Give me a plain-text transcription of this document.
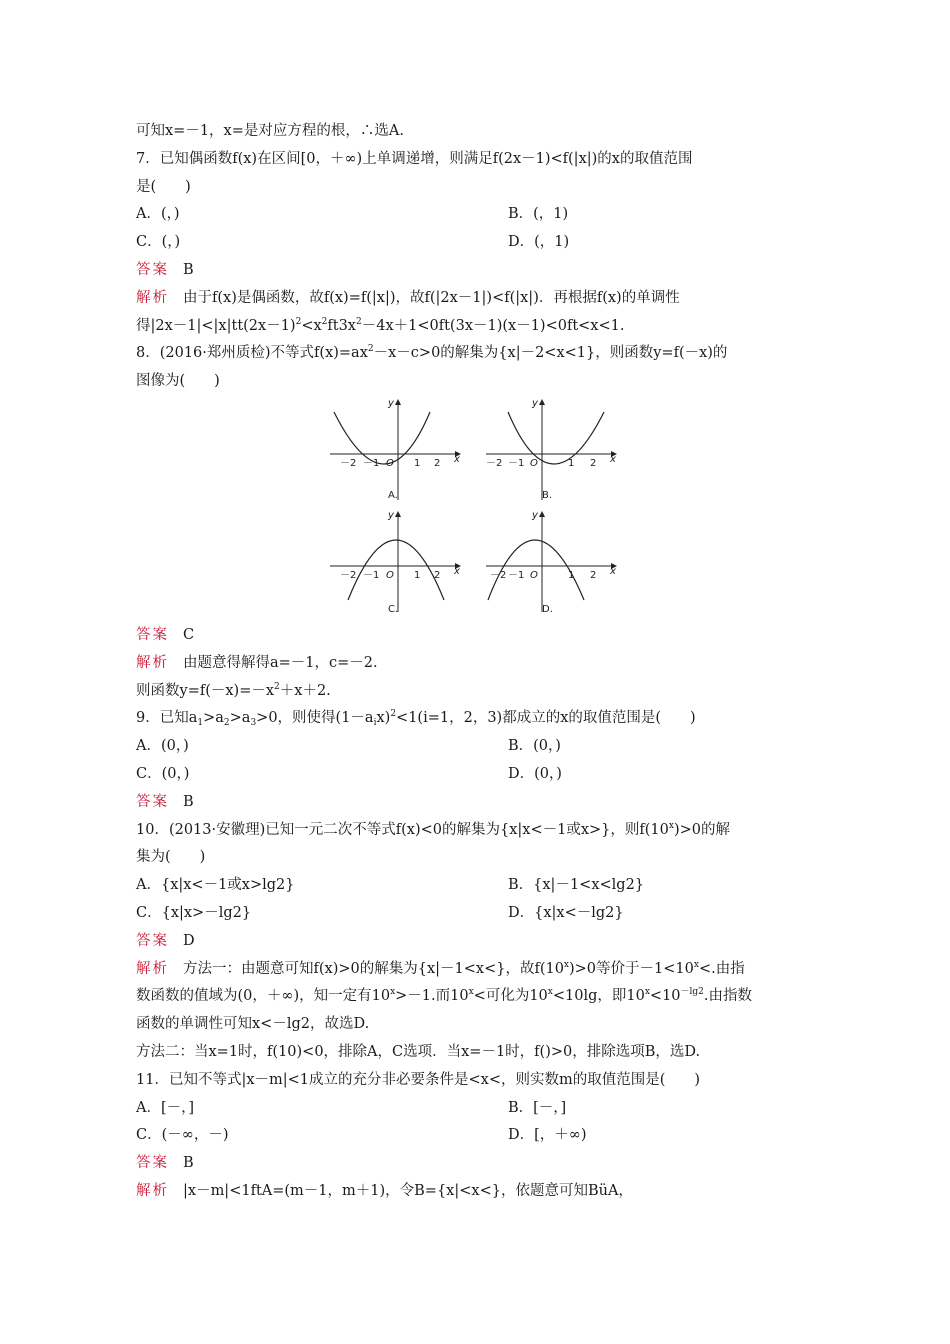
可知x=－1，x=是对应方程的根，∴选A.
7．已知偶函数f(x)在区间[0，＋∞)上单调递增，则满足f(2x－1)<f(|x|)的x的取值范围
是(　　)
A．(，)	B．(，1)
C．(，)	D．(，1)
答案 B
解析 由于f(x)是偶函数，故f(x)=f(|x|)，故f(|2x－1|)<f(|x|)．再根据f(x)的单调性
得$|2x-1|<|x|tt(2x-1)^2<x^2ft3x^2-4x+1<0ft(3x-1)(x-1)<0ft<x<1$.
8．(2016·郑州质检)不等式$f(x)=ax^2-x-c>0$的解集为{x|－2<x<1}，则函数y=f(－x)的
图像为(　　)
y
x
O
－2 －1	1 2
A.
y
x
O
－2 －1	1 2
B.
y
x
O
－2 －1	1 2
C.
y
x
O
－2 －1	1 2
D.
答案 C
解析 由题意得解得a=－1，c=－2.
则函数$y=f(-x)=-x^2+x+2$.
9．已知$a_1>a_2>a_3>0$，则使得$(1-a_ix)^2<1(i=1$，2，3)都成立的x的取值范围是(　　)
A．(0，)	B．(0，)
C．(0，)	D．(0，)
答案 B
10．(2013·安徽理)已知一元二次不等式f(x)<0的解集为{x|x<－1或x>}，则$f(10^x)>0$的解
集为(　　)
A．{x|x<－1或x>lg2}	B．{x|－1<x<lg2}
C．{x|x>－lg2}	D．{x|x<－lg2}
答案 D
解析 方法一：由题意可知f(x)>0的解集为{x|－1<x<}，故$f(10^x)>0$等价于$-1<10^x<$.由指
数函数的值域为(0，＋∞)，知一定有$10^x>-1$.而$10^x<$可化为$10^x<10\lg$，即$10^x<10^{-lg2}$.由指数
函数的单调性可知x<－lg2，故选D.
方法二：当x=1时，f(10)<0，排除A，C选项．当x=－1时，f()>0，排除选项B，选D.
11．已知不等式|x－m|<1成立的充分非必要条件是<x<，则实数m的取值范围是(　　)
A．[－，]	B．[－，]
C．(－∞，－)	D．[，＋∞)
答案 B
解析 |x－m|<1ftA=(m－1，m＋1)，令B={x|<x<}，依题意可知BüA，
